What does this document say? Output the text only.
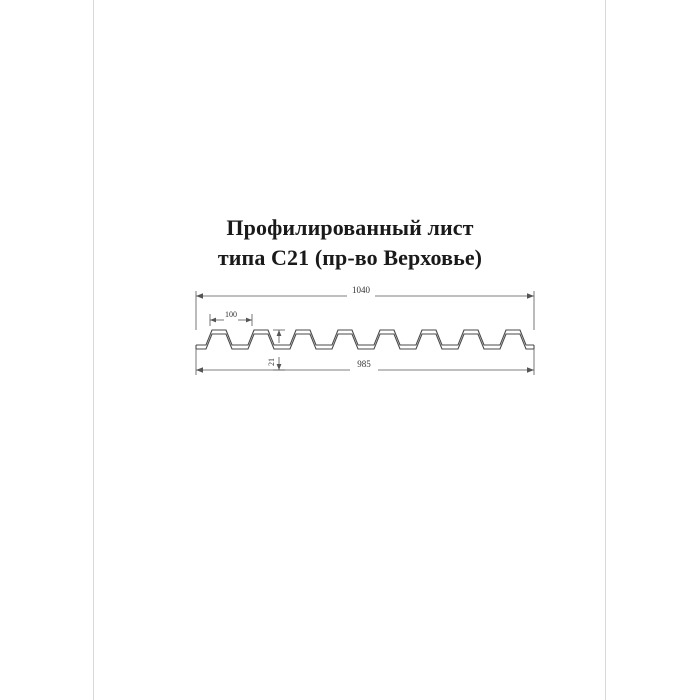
Профилированный лист
типа С21 (пр-во Верховье)
1040
100
21	985
